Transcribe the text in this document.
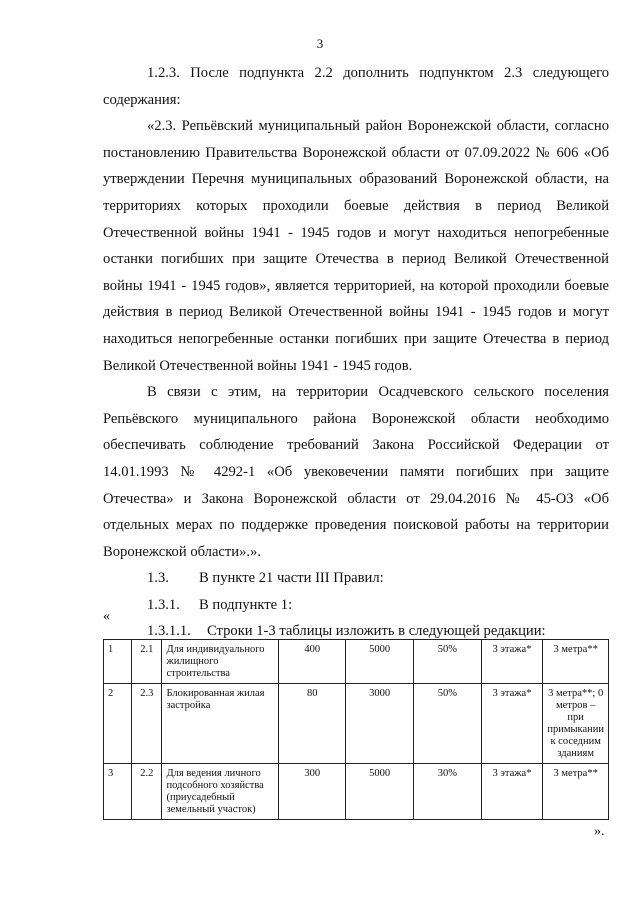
3

1.2.3. После подпункта 2.2 дополнить подпунктом 2.3 следующего содержания:

«2.3. Репьёвский муниципальный район Воронежской области, согласно постановлению Правительства Воронежской области от 07.09.2022 № 606 «Об утверждении Перечня муниципальных образований Воронежской области, на территориях которых проходили боевые действия в период Великой Отечественной войны 1941 - 1945 годов и могут находиться непогребенные останки погибших при защите Отечества в период Великой Отечественной войны 1941 - 1945 годов», является территорией, на которой проходили боевые действия в период Великой Отечественной войны 1941 - 1945 годов и могут находиться непогребенные останки погибших при защите Отечества в период Великой Отечественной войны 1941 - 1945 годов.

В связи с этим, на территории Осадчевского сельского поселения Репьёвского муниципального района Воронежской области необходимо обеспечивать соблюдение требований Закона Российской Федерации от 14.01.1993 № 4292-1 «Об увековечении памяти погибших при защите Отечества» и Закона Воронежской области от 29.04.2016 № 45-ОЗ «Об отдельных мерах по поддержке проведения поисковой работы на территории Воронежской области».».

1.3. В пункте 21 части III Правил:

1.3.1. В подпункте 1:

1.3.1.1. Строки 1-3 таблицы изложить в следующей редакции:

«
1	2.1	Для индивидуального жилищного строительства	400	5000	50%	3 этажа*	3 метра**
2	2.3	Блокированная жилая застройка	80	3000	50%	3 этажа*	3 метра**; 0 метров – при примыкании к соседним зданиям
3	2.2	Для ведения личного подсобного хозяйства (приусадебный земельный участок)	300	5000	30%	3 этажа*	3 метра**
».
